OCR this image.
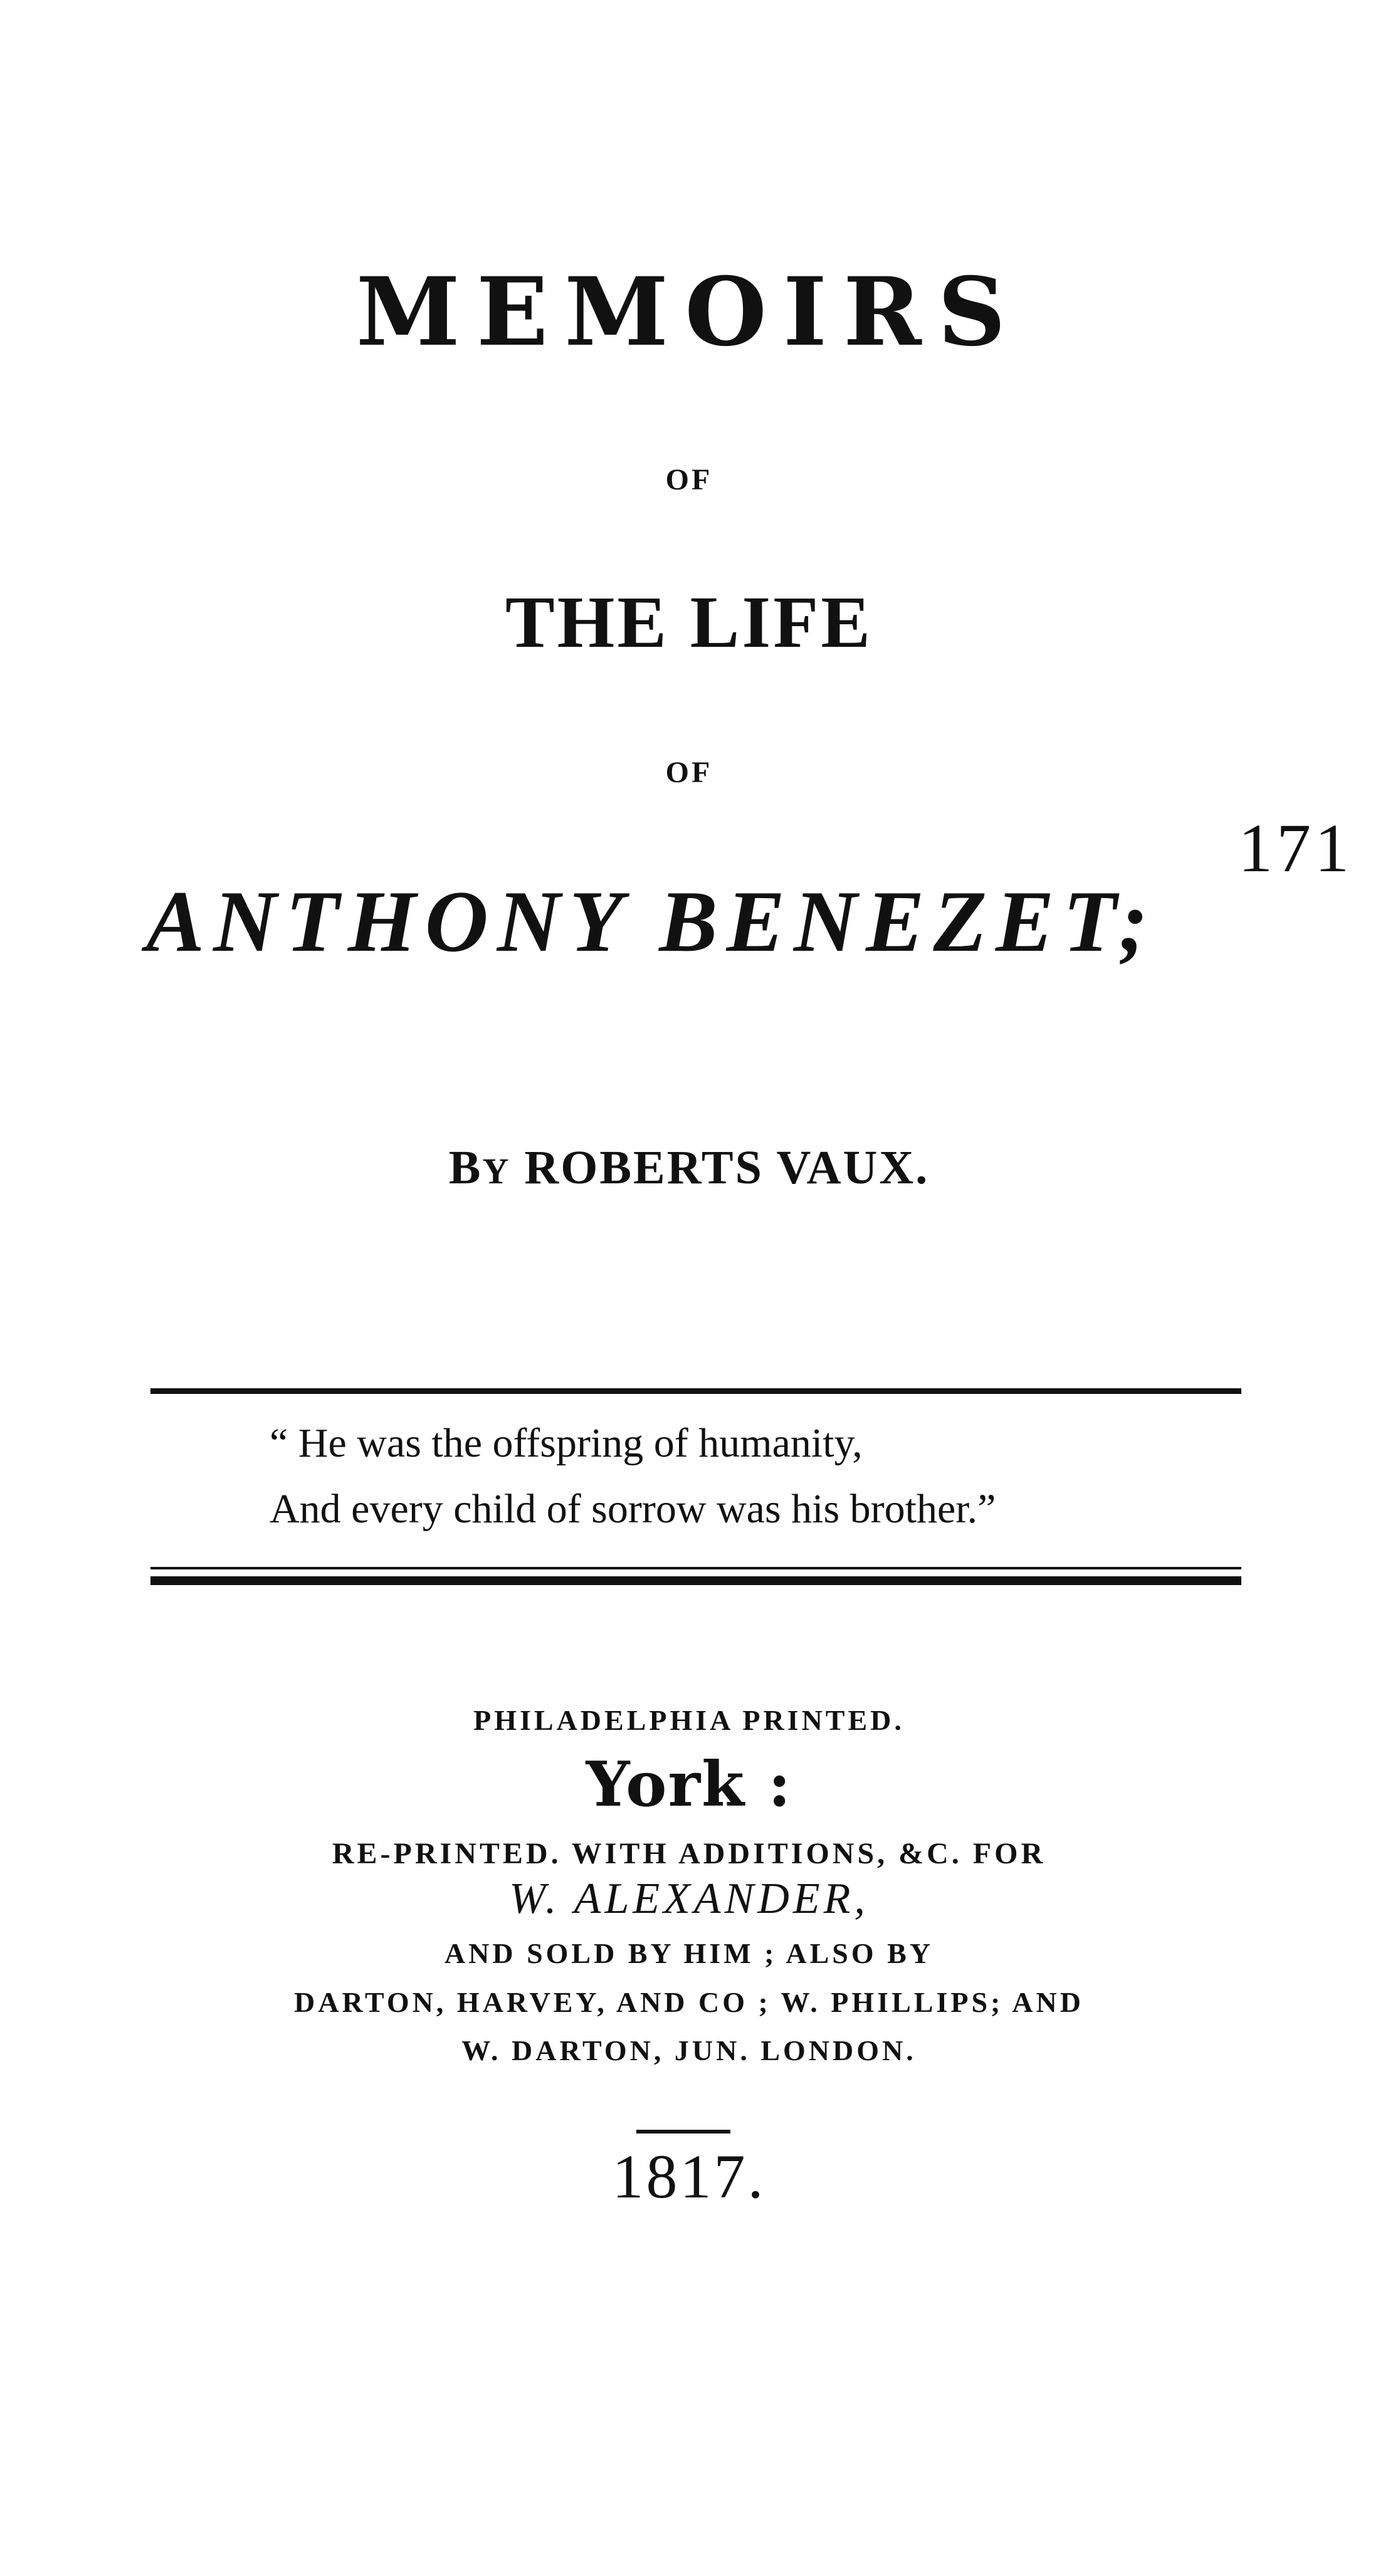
MEMOIRS
OF
THE LIFE
OF
ANTHONY BENEZET;
BY ROBERTS VAUX.
“ He was the offspring of humanity,
And every child of sorrow was his brother.”
PHILADELPHIA PRINTED.
York :
RE-PRINTED. WITH ADDITIONS, &C. FOR
W. ALEXANDER,
AND SOLD BY HIM ; ALSO BY
DARTON, HARVEY, AND CO ; W. PHILLIPS; AND
W. DARTON, JUN. LONDON.
1817.
171
